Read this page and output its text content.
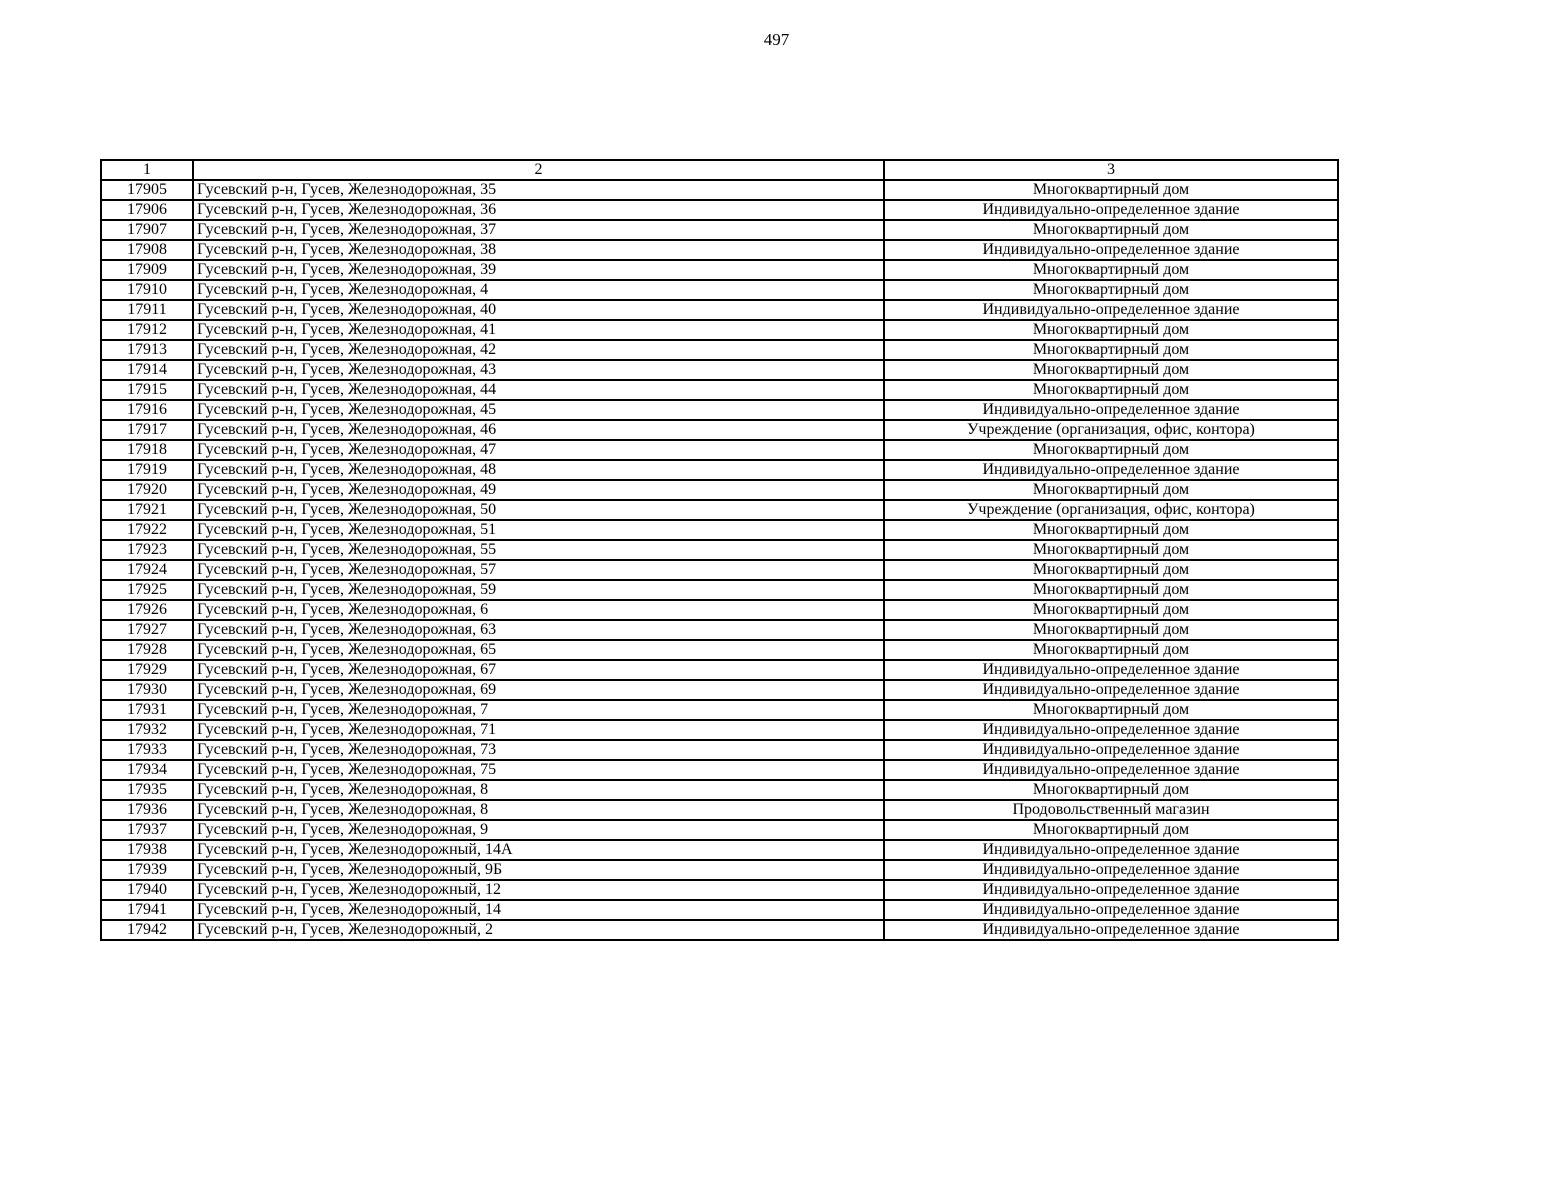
497
1	2	3
17905	Гусевский р-н, Гусев, Железнодорожная, 35	Многоквартирный дом
17906	Гусевский р-н, Гусев, Железнодорожная, 36	Индивидуально-определенное здание
17907	Гусевский р-н, Гусев, Железнодорожная, 37	Многоквартирный дом
17908	Гусевский р-н, Гусев, Железнодорожная, 38	Индивидуально-определенное здание
17909	Гусевский р-н, Гусев, Железнодорожная, 39	Многоквартирный дом
17910	Гусевский р-н, Гусев, Железнодорожная, 4	Многоквартирный дом
17911	Гусевский р-н, Гусев, Железнодорожная, 40	Индивидуально-определенное здание
17912	Гусевский р-н, Гусев, Железнодорожная, 41	Многоквартирный дом
17913	Гусевский р-н, Гусев, Железнодорожная, 42	Многоквартирный дом
17914	Гусевский р-н, Гусев, Железнодорожная, 43	Многоквартирный дом
17915	Гусевский р-н, Гусев, Железнодорожная, 44	Многоквартирный дом
17916	Гусевский р-н, Гусев, Железнодорожная, 45	Индивидуально-определенное здание
17917	Гусевский р-н, Гусев, Железнодорожная, 46	Учреждение (организация, офис, контора)
17918	Гусевский р-н, Гусев, Железнодорожная, 47	Многоквартирный дом
17919	Гусевский р-н, Гусев, Железнодорожная, 48	Индивидуально-определенное здание
17920	Гусевский р-н, Гусев, Железнодорожная, 49	Многоквартирный дом
17921	Гусевский р-н, Гусев, Железнодорожная, 50	Учреждение (организация, офис, контора)
17922	Гусевский р-н, Гусев, Железнодорожная, 51	Многоквартирный дом
17923	Гусевский р-н, Гусев, Железнодорожная, 55	Многоквартирный дом
17924	Гусевский р-н, Гусев, Железнодорожная, 57	Многоквартирный дом
17925	Гусевский р-н, Гусев, Железнодорожная, 59	Многоквартирный дом
17926	Гусевский р-н, Гусев, Железнодорожная, 6	Многоквартирный дом
17927	Гусевский р-н, Гусев, Железнодорожная, 63	Многоквартирный дом
17928	Гусевский р-н, Гусев, Железнодорожная, 65	Многоквартирный дом
17929	Гусевский р-н, Гусев, Железнодорожная, 67	Индивидуально-определенное здание
17930	Гусевский р-н, Гусев, Железнодорожная, 69	Индивидуально-определенное здание
17931	Гусевский р-н, Гусев, Железнодорожная, 7	Многоквартирный дом
17932	Гусевский р-н, Гусев, Железнодорожная, 71	Индивидуально-определенное здание
17933	Гусевский р-н, Гусев, Железнодорожная, 73	Индивидуально-определенное здание
17934	Гусевский р-н, Гусев, Железнодорожная, 75	Индивидуально-определенное здание
17935	Гусевский р-н, Гусев, Железнодорожная, 8	Многоквартирный дом
17936	Гусевский р-н, Гусев, Железнодорожная, 8	Продовольственный магазин
17937	Гусевский р-н, Гусев, Железнодорожная, 9	Многоквартирный дом
17938	Гусевский р-н, Гусев, Железнодорожный, 14А	Индивидуально-определенное здание
17939	Гусевский р-н, Гусев, Железнодорожный, 9Б	Индивидуально-определенное здание
17940	Гусевский р-н, Гусев, Железнодорожный, 12	Индивидуально-определенное здание
17941	Гусевский р-н, Гусев, Железнодорожный, 14	Индивидуально-определенное здание
17942	Гусевский р-н, Гусев, Железнодорожный, 2	Индивидуально-определенное здание
